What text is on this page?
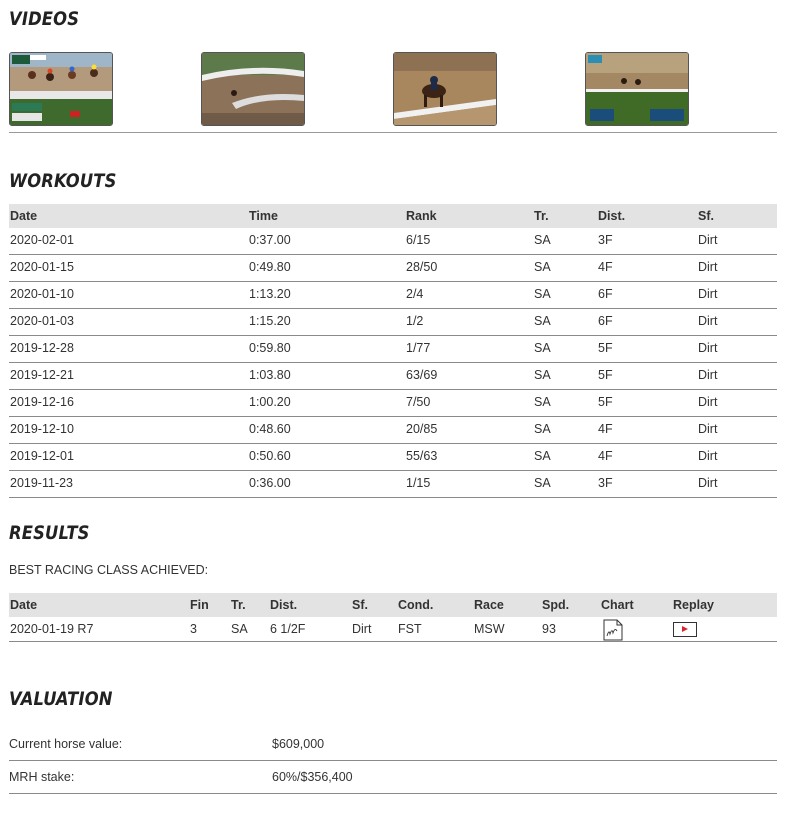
VIDEOS
WORKOUTS
Date	Time	Rank	Tr.	Dist.	Sf.
2020-02-01	0:37.00	6/15	SA	3F	Dirt
2020-01-15	0:49.80	28/50	SA	4F	Dirt
2020-01-10	1:13.20	2/4	SA	6F	Dirt
2020-01-03	1:15.20	1/2	SA	6F	Dirt
2019-12-28	0:59.80	1/77	SA	5F	Dirt
2019-12-21	1:03.80	63/69	SA	5F	Dirt
2019-12-16	1:00.20	7/50	SA	5F	Dirt
2019-12-10	0:48.60	20/85	SA	4F	Dirt
2019-12-01	0:50.60	55/63	SA	4F	Dirt
2019-11-23	0:36.00	1/15	SA	3F	Dirt
RESULTS
BEST RACING CLASS ACHIEVED:
Date	Fin Tr. Dist.	Sf. Cond.	Race	Spd.	Chart	Replay
2020-01-19 R7	3	SA 6 1/2F	Dirt FST	MSW	93
VALUATION
Current horse value:	$609,000
MRH stake:	60%/$356,400
